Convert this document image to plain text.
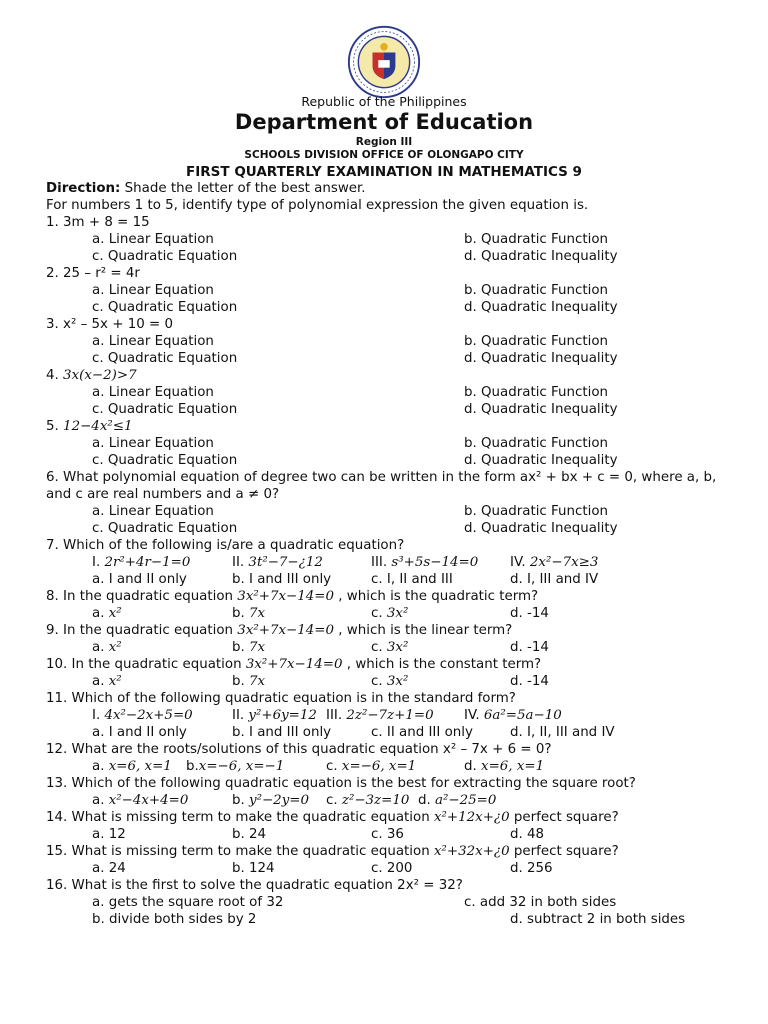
Republic of the Philippines
Department of Education
Region III
SCHOOLS DIVISION OFFICE OF OLONGAPO CITY
FIRST QUARTERLY EXAMINATION IN MATHEMATICS 9
Direction: Shade the letter of the best answer.
For numbers 1 to 5, identify type of polynomial expression the given equation is.
1. 3m + 8 = 15
a. Linear Equation	b. Quadratic Function
c. Quadratic Equation	d. Quadratic Inequality
2. 25 – r² = 4r
a. Linear Equation	b. Quadratic Function
c. Quadratic Equation	d. Quadratic Inequality
3. x² – 5x + 10 = 0
a. Linear Equation	b. Quadratic Function
c. Quadratic Equation	d. Quadratic Inequality
4. 3x(x−2)>7
a. Linear Equation	b. Quadratic Function
c. Quadratic Equation	d. Quadratic Inequality
5. 12−4x²≤1
a. Linear Equation	b. Quadratic Function
c. Quadratic Equation	d. Quadratic Inequality
6. What polynomial equation of degree two can be written in the form ax² + bx + c = 0, where a, b, and c are real numbers and a ≠ 0?
a. Linear Equation	b. Quadratic Function
c. Quadratic Equation	d. Quadratic Inequality
7. Which of the following is/are a quadratic equation?
I. 2r²+4r−1=0	II. 3t²−7−¿12	III. s³+5s−14=0 IV. 2x²−7x≥3
a. I and II only	b. I and III only	c. I, II and III	d. I, III and IV
8. In the quadratic equation 3x²+7x−14=0 , which is the quadratic term?
a. x²	b. 7x	c. 3x²	d. -14
9. In the quadratic equation 3x²+7x−14=0 , which is the linear term?
a. x²	b. 7x	c. 3x²	d. -14
10. In the quadratic equation 3x²+7x−14=0 , which is the constant term?
a. x²	b. 7x	c. 3x²	d. -14
11. Which of the following quadratic equation is in the standard form?
I. 4x²−2x+5=0	II. y²+6y=12 III. 2z²−7z+1=0 IV. 6a²=5a−10
a. I and II only	b. I and III only	c. II and III only	d. I, II, III and IV
12. What are the roots/solutions of this quadratic equation x² – 7x + 6 = 0?
a. x=6, x=1 b.x=−6, x=−1	c. x=−6, x=1	d. x=6, x=1
13. Which of the following quadratic equation is the best for extracting the square root?
a. x²−4x+4=0	b. y²−2y=0 c. z²−3z=10 d. a²−25=0
14. What is missing term to make the quadratic equation x²+12x+¿0 perfect square?
a. 12	b. 24	c. 36	d. 48
15. What is missing term to make the quadratic equation x²+32x+¿0 perfect square?
a. 24	b. 124	c. 200	d. 256
16. What is the first to solve the quadratic equation 2x² = 32?
a. gets the square root of 32	c. add 32 in both sides
b. divide both sides by 2	d. subtract 2 in both sides
